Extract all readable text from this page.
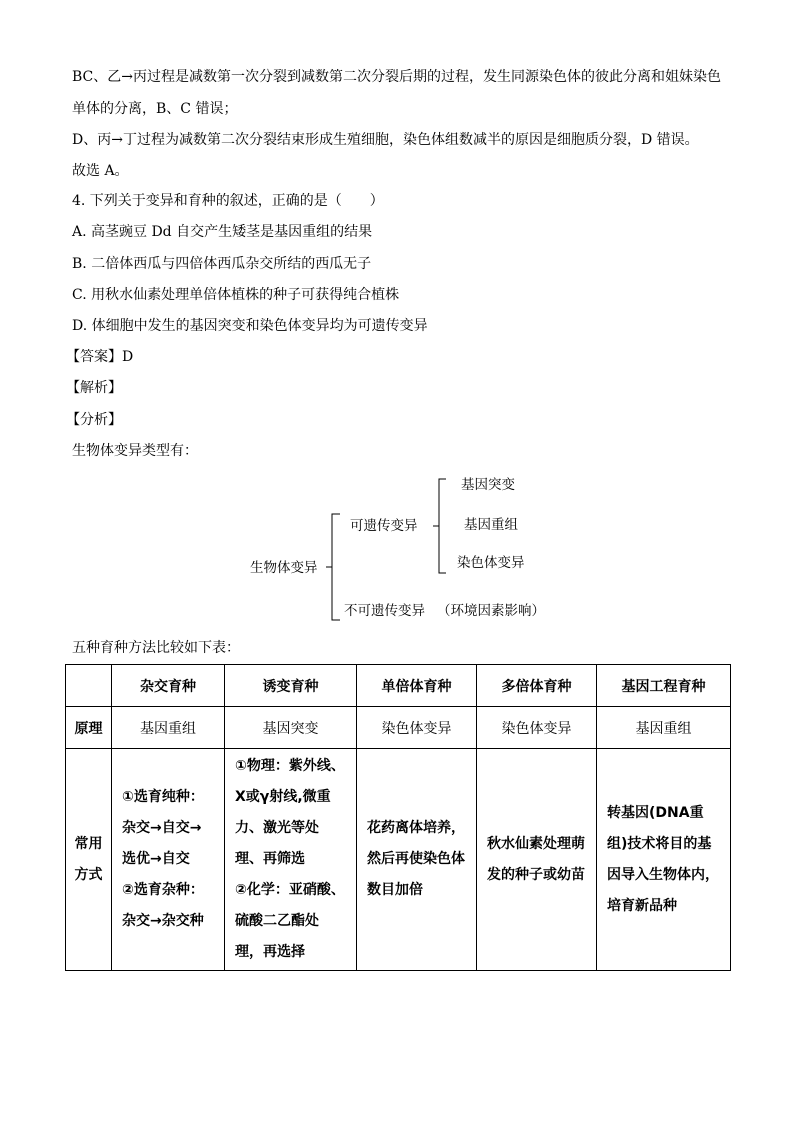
BC、乙→丙过程是减数第一次分裂到减数第二次分裂后期的过程，发生同源染色体的彼此分离和姐妹染色
单体的分离，B、C 错误；
D、丙→丁过程为减数第二次分裂结束形成生殖细胞，染色体组数减半的原因是细胞质分裂，D 错误。
故选 A。
4. 下列关于变异和育种的叙述，正确的是（　　）
A. 高茎豌豆 Dd 自交产生矮茎是基因重组的结果
B. 二倍体西瓜与四倍体西瓜杂交所结的西瓜无子
C. 用秋水仙素处理单倍体植株的种子可获得纯合植株
D. 体细胞中发生的基因突变和染色体变异均为可遗传变异
【答案】D
【解析】
【分析】
生物体变异类型有：
生物体变异
可遗传变异
基因突变
基因重组
染色体变异
不可遗传变异 （环境因素影响）
五种育种方法比较如下表：
	杂交育种	诱变育种	单倍体育种	多倍体育种	基因工程育种
原理	基因重组	基因突变	染色体变异	染色体变异	基因重组

常用
方式	①选育纯种：杂交→自交→选优→自交
②选育杂种：杂交→杂交种	①物理：紫外线、X或γ射线,微重力、激光等处理、再筛选
②化学：亚硝酸、硫酸二乙酯处理，再选择	花药离体培养，然后再使染色体数目加倍	秋水仙素处理萌发的种子或幼苗	转基因(DNA重组)技术将目的基因导入生物体内，培育新品种
